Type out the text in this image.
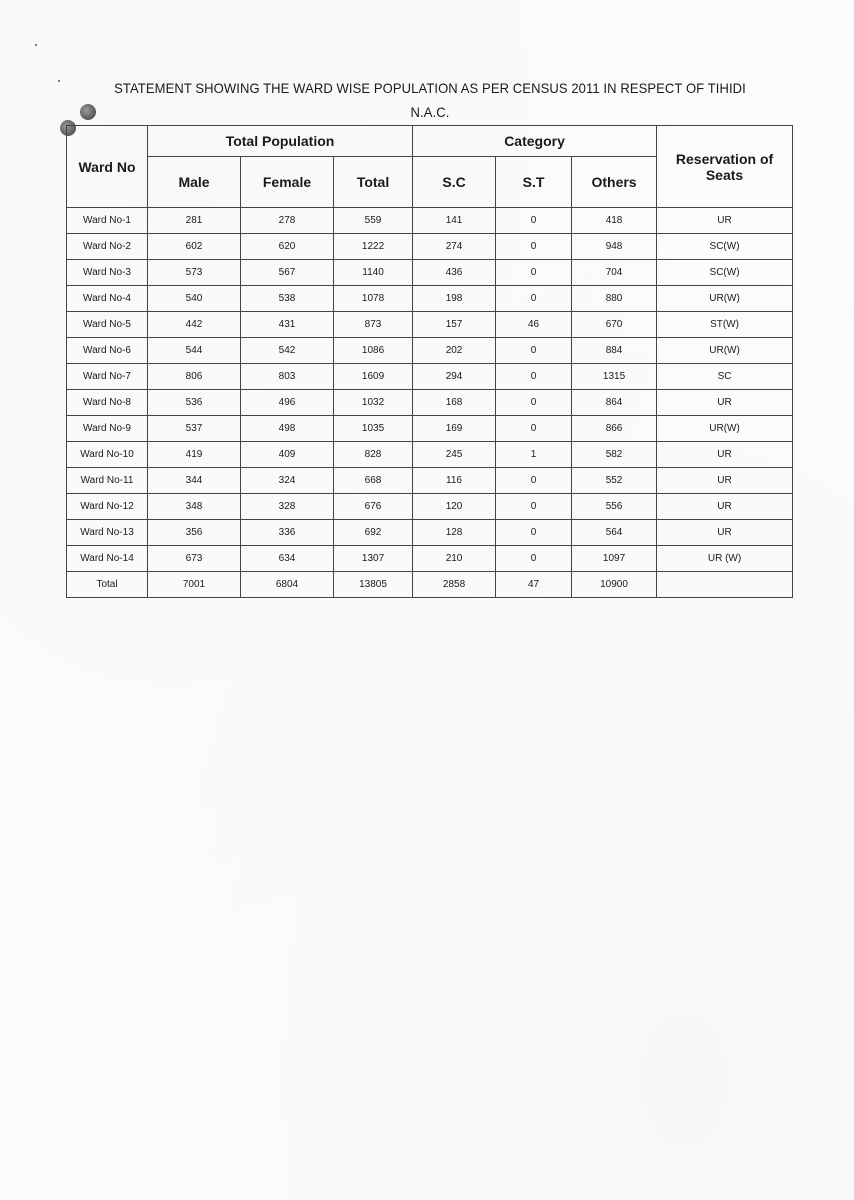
STATEMENT SHOWING THE WARD WISE POPULATION AS PER CENSUS 2011 IN RESPECT OF TIHIDI
N.A.C.
Ward No	Total Population			Category			Reservation of Seats
	Male	Female	Total	S.C	S.T	Others	
Ward No-1	281	278	559	141	0	418	UR
Ward No-2	602	620	1222	274	0	948	SC(W)
Ward No-3	573	567	1140	436	0	704	SC(W)
Ward No-4	540	538	1078	198	0	880	UR(W)
Ward No-5	442	431	873	157	46	670	ST(W)
Ward No-6	544	542	1086	202	0	884	UR(W)
Ward No-7	806	803	1609	294	0	1315	SC
Ward No-8	536	496	1032	168	0	864	UR
Ward No-9	537	498	1035	169	0	866	UR(W)
Ward No-10	419	409	828	245	1	582	UR
Ward No-11	344	324	668	116	0	552	UR
Ward No-12	348	328	676	120	0	556	UR
Ward No-13	356	336	692	128	0	564	UR
Ward No-14	673	634	1307	210	0	1097	UR (W)
Total	7001	6804	13805	2858	47	10900	
